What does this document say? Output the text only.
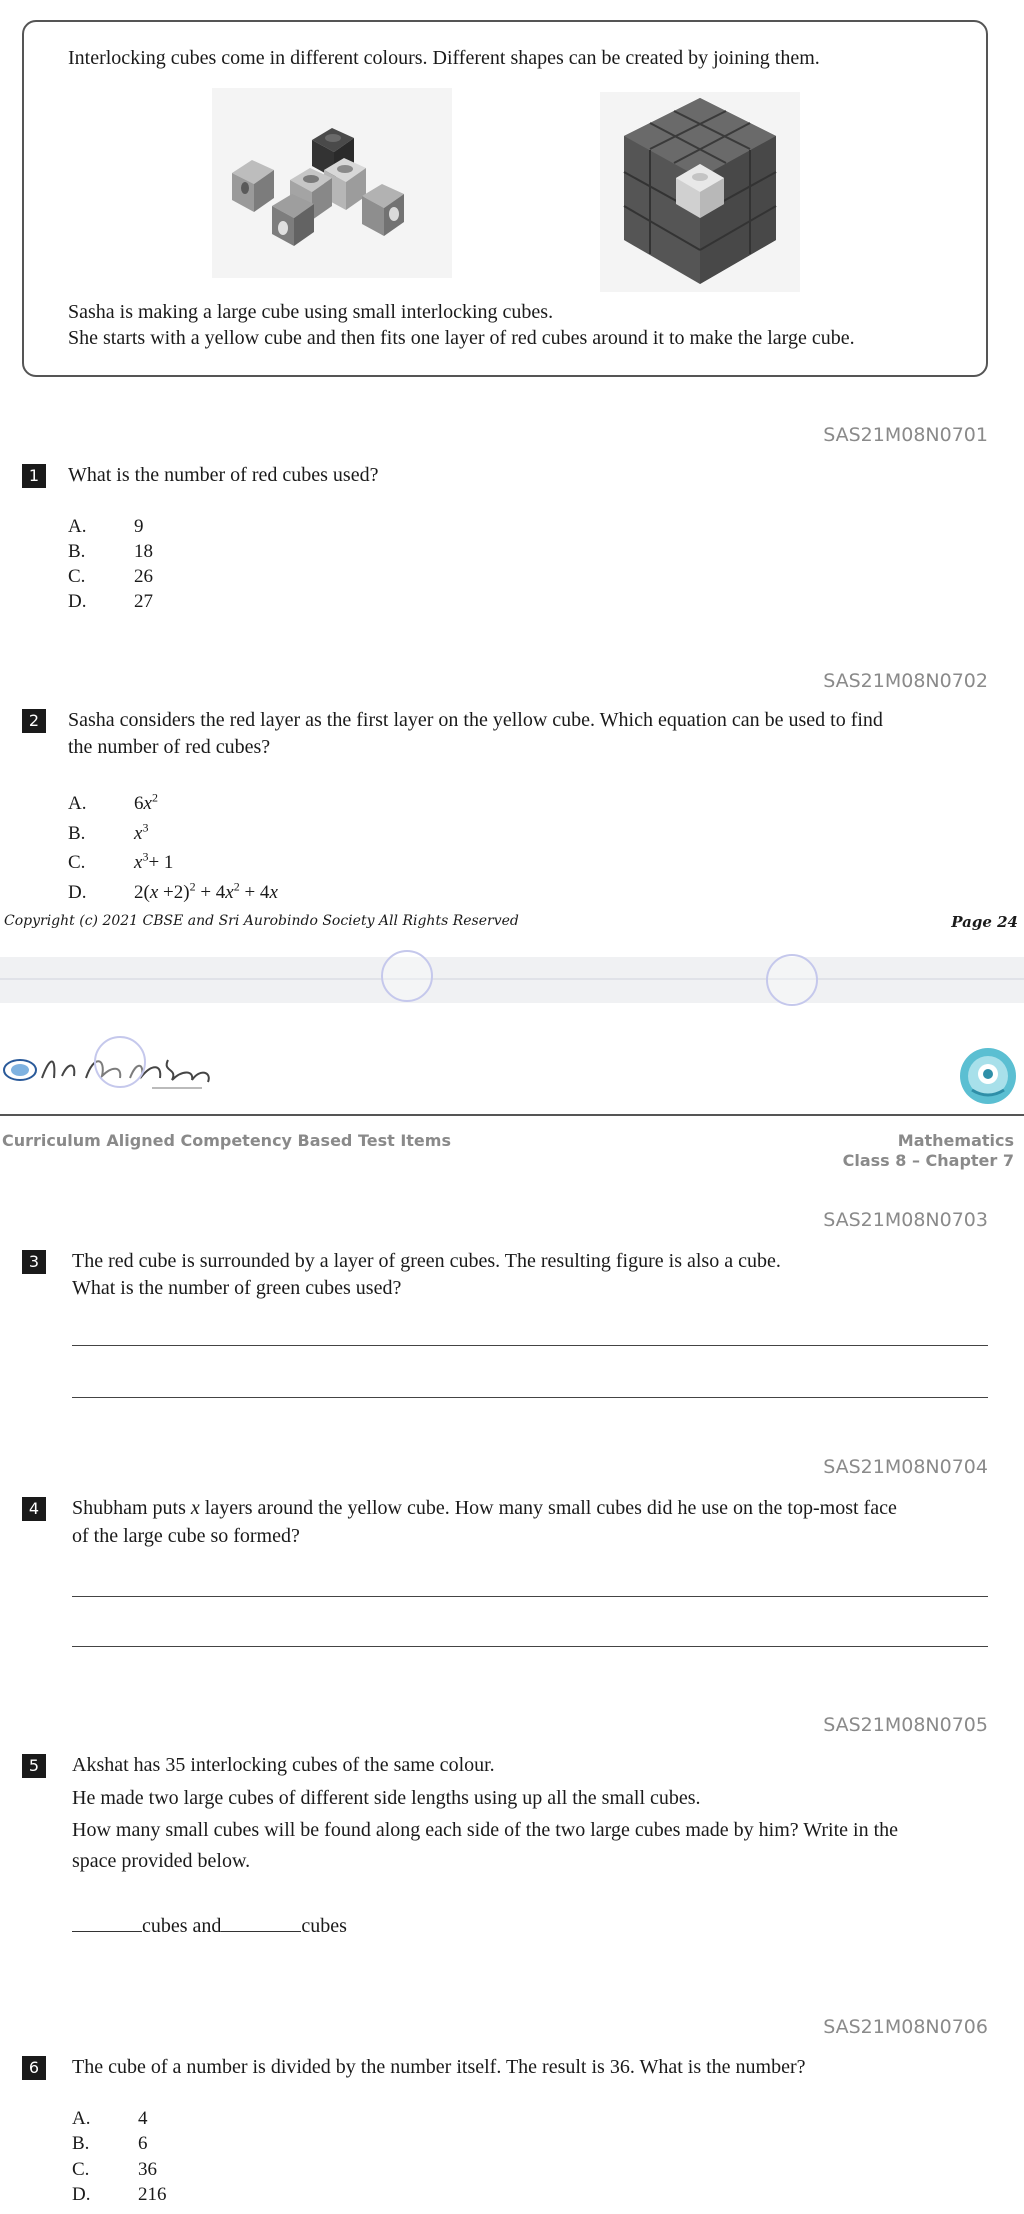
Interlocking cubes come in different colours. Different shapes can be created by joining them.
Sasha is making a large cube using small interlocking cubes.
She starts with a yellow cube and then fits one layer of red cubes around it to make the large cube.
SAS21M08N0701
1	What is the number of red cubes used?
A.	9
B.	18
C.	26
D.	27
SAS21M08N0702
2	Sasha considers the red layer as the first layer on the yellow cube. Which equation can be used to find
the number of red cubes?
A.	$6x^2$
B.	$x^3$
C.	$x^3+ 1$
D.	$2(x +2)^2 + 4x^2 + 4x$
Copyright (c) 2021 CBSE and Sri Aurobindo Society All Rights Reserved	Page 24
Curriculum Aligned Competency Based Test Items	Mathematics
Class 8 – Chapter 7
SAS21M08N0703
3	The red cube is surrounded by a layer of green cubes. The resulting figure is also a cube.
What is the number of green cubes used?
SAS21M08N0704
4	Shubham puts x layers around the yellow cube. How many small cubes did he use on the top-most face
of the large cube so formed?
SAS21M08N0705
5	Akshat has 35 interlocking cubes of the same colour.
He made two large cubes of different side lengths using up all the small cubes.
How many small cubes will be found along each side of the two large cubes made by him? Write in the
space provided below.
cubes and	cubes
SAS21M08N0706
6	The cube of a number is divided by the number itself. The result is 36. What is the number?
A.	4
B.	6
C.	36
D.	216
